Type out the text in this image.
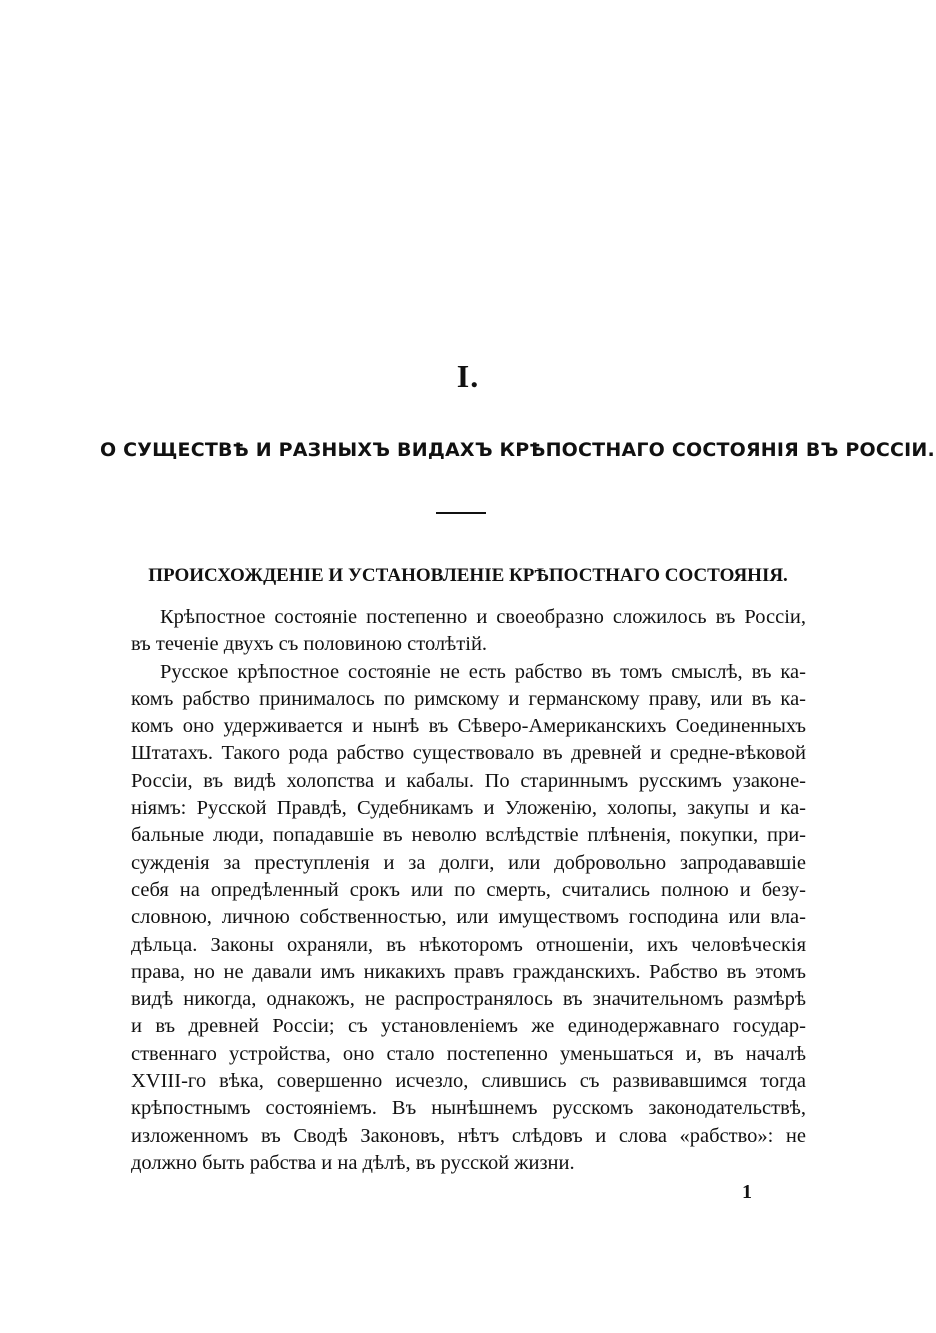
I.
О СУЩЕСТВѢ И РАЗНЫХЪ ВИДАХЪ КРѢПОСТНАГО СОСТОЯНІЯ ВЪ РОССІИ.
ПРОИСХОЖДЕНІЕ И УСТАНОВЛЕНІЕ КРѢПОСТНАГО СОСТОЯНІЯ.
Крѣпостное состояніе постепенно и своеобразно сложилось въ Россіи,
въ теченіе двухъ съ половиною столѣтій.
Русское крѣпостное состояніе не есть рабство въ томъ смыслѣ, въ ка-
комъ рабство принималось по римскому и германскому праву, или въ ка-
комъ оно удерживается и нынѣ въ Сѣверо-Американскихъ Соединенныхъ
Штатахъ. Такого рода рабство существовало въ древней и средне-вѣковой
Россіи, въ видѣ холопства и кабалы. По стариннымъ русскимъ узаконе-
ніямъ: Русской Правдѣ, Судебникамъ и Уложенію, холопы, закупы и ка-
бальные люди, попадавшіе въ неволю вслѣдствіе плѣненія, покупки, при-
сужденія за преступленія и за долги, или добровольно запродававшіе
себя на опредѣленный срокъ или по смерть, считались полною и безу-
словною, личною собственностью, или имуществомъ господина или вла-
дѣльца. Законы охраняли, въ нѣкоторомъ отношеніи, ихъ человѣческія
права, но не давали имъ никакихъ правъ гражданскихъ. Рабство въ этомъ
видѣ никогда, однакожъ, не распространялось въ значительномъ размѣрѣ
и въ древней Россіи; съ установленіемъ же единодержавнаго государ-
ственнаго устройства, оно стало постепенно уменьшаться и, въ началѣ
XVIII-го вѣка, совершенно исчезло, слившись съ развивавшимся тогда
крѣпостнымъ состояніемъ. Въ нынѣшнемъ русскомъ законодательствѣ,
изложенномъ въ Сводѣ Законовъ, нѣтъ слѣдовъ и слова «рабство»: не
должно быть рабства и на дѣлѣ, въ русской жизни.
1
